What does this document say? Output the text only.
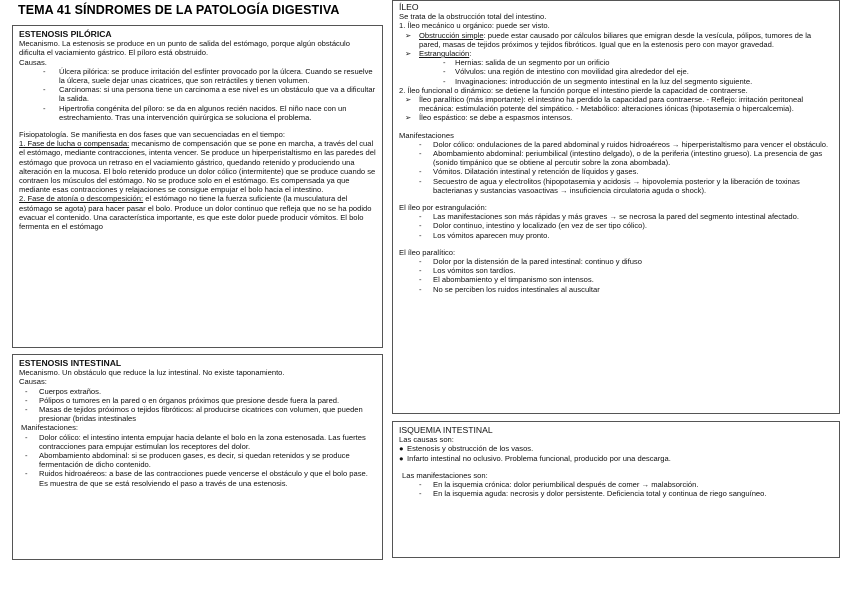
TEMA 41 SÍNDROMES DE LA PATOLOGÍA DIGESTIVA

ESTENOSIS PILÓRICA

Mecanismo. La estenosis se produce en un punto de salida del estómago, porque algún obstáculo dificulta el vaciamiento gástrico. El píloro está obstruido.

Causas.

- Úlcera pilórica: se produce irritación del esfínter provocado por la úlcera. Cuando se resuelve la úlcera, suele dejar unas cicatrices, que son retráctiles y tienen volumen.
- Carcinomas: si una persona tiene un carcinoma a ese nivel es un obstáculo que va a dificultar la salida.
- Hipertrofia congénita del píloro: se da en algunos recién nacidos. El niño nace con un estrechamiento. Tras una intervención quirúrgica se soluciona el problema.

Fisiopatología. Se manifiesta en dos fases que van secuenciadas en el tiempo:

1. Fase de lucha o compensada: mecanismo de compensación que se pone en marcha, a través del cual el estómago, mediante contracciones, intenta vencer. Se produce un hiperperistaltismo en las paredes del estómago que provoca un retraso en el vaciamiento gástrico, quedando retenido y produciendo una alteración en la mucosa. El bolo retenido produce un dolor cólico (intermitente) que se produce cuando se contraen los músculos del estómago. No se produce solo en el estómago. Es compensada ya que mediante esas contracciones y relajaciones se consigue empujar el bolo hacia el intestino.

2. Fase de atonía o descompesición: el estómago no tiene la fuerza suficiente (la musculatura del estómago se agota) para hacer pasar el bolo. Produce un dolor continuo que refleja que no se ha podido evacuar el contenido. Una característica importante, es que este dolor puede producir vómitos. El bolo fermenta en el estómago

ESTENOSIS INTESTINAL

Mecanismo. Un obstáculo que reduce la luz intestinal. No existe taponamiento.

Causas:

- Cuerpos extraños.
- Pólipos o tumores en la pared o en órganos próximos que presione desde fuera la pared.
- Masas de tejidos próximos o tejidos fibróticos: al producirse cicatrices con volumen, que pueden presionar (bridas intestinales

Manifestaciones:

- Dolor cólico: el intestino intenta empujar hacia delante el bolo en la zona estenosada. Las fuertes contracciones para empujar estimulan los receptores del dolor.
- Abombamiento abdominal: si se producen gases, es decir, si quedan retenidos y se produce fermentación de dicho contenido.
- Ruidos hidroaéreos: a base de las contracciones puede vencerse el obstáculo y que el bolo pase. Es muestra de que se está resolviendo el paso a través de una estenosis.

ÍLEO

Se trata de la obstrucción total del intestino.

1. Íleo mecánico u orgánico: puede ser visto.

➢ Obstrucción simple: puede estar causado por cálculos biliares que emigran desde la vesícula, pólipos, tumores de la pared, masas de tejidos próximos y tejidos fibróticos. Igual que en la estenosis pero con mayor gravedad.
➢ Estrangulación:
- Hernias: salida de un segmento por un orificio
- Vólvulos: una región de intestino con movilidad gira alrededor del eje.
- Invaginaciones: introducción de un segmento intestinal en la luz del segmento siguiente.

2. Íleo funcional o dinámico: se detiene la función porque el intestino pierde la capacidad de contraerse.

➢ Íleo paralítico (más importante): el intestino ha perdido la capacidad para contraerse. - Reflejo: irritación peritoneal mecánica: estimulación potente del simpático. - Metabólico: alteraciones iónicas (hipotasemia o hipercalcemia).
➢ Íleo espástico: se debe a espasmos intensos.

Manifestaciones

- Dolor cólico: ondulaciones de la pared abdominal y ruidos hidroaéreos → hiperperistaltismo para vencer el obstáculo.
- Abombamiento abdominal: periumbilical (intestino delgado), o de la periferia (intestino grueso). La presencia de gas (sonido timpánico que se obtiene al percutir sobre la zona abombada).
- Vómitos. Dilatación intestinal y retención de líquidos y gases.
- Secuestro de agua y electrolitos (hipopotasemia y acidosis → hipovolemia posterior y la liberación de toxinas bacterianas y sustancias vasoactivas → insuficiencia circulatoria aguda o shock).

El íleo por estrangulación:

- Las manifestaciones son más rápidas y más graves → se necrosa la pared del segmento intestinal afectado.
- Dolor continuo, intestino y localizado (en vez de ser tipo cólico).
- Los vómitos aparecen muy pronto.

El íleo paralítico:

- Dolor por la distensión de la pared intestinal: continuo y difuso
- Los vómitos son tardíos.
- El abombamiento y el timpanismo son intensos.
- No se perciben los ruidos intestinales al auscultar

ISQUEMIA INTESTINAL

Las causas son:

● Estenosis y obstrucción de los vasos.
● Infarto intestinal no oclusivo. Problema funcional, producido por una descarga.

Las manifestaciones son:

- En la isquemia crónica: dolor periumbilical después de comer → malabsorción.
- En la isquemia aguda: necrosis y dolor persistente. Deficiencia total y continua de riego sanguíneo.
